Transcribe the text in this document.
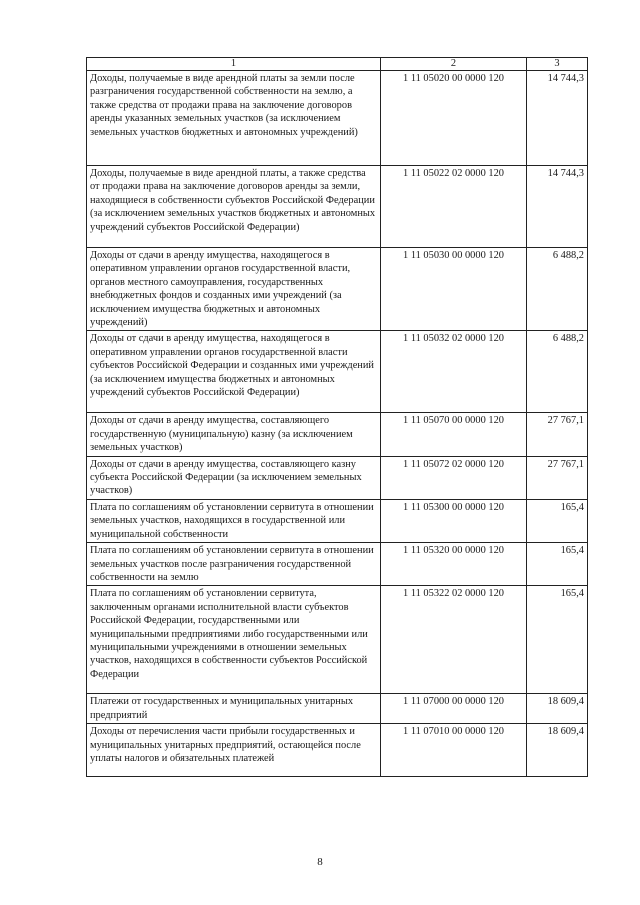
1	2	3
Доходы, получаемые в виде арендной платы за земли после разграничения государственной собственности на землю, а также средства от продажи права на заключение договоров аренды указанных земельных участков (за исключением земельных участков бюджетных и автономных учреждений)	1 11 05020 00 0000 120	14 744,3
Доходы, получаемые в виде арендной платы, а также средства от продажи права на заключение договоров аренды за земли, находящиеся в собственности субъектов Российской Федерации (за исключением земельных участков бюджетных и автономных учреждений субъектов Российской Федерации)	1 11 05022 02 0000 120	14 744,3
Доходы от сдачи в аренду имущества, находящегося в оперативном управлении органов государственной власти, органов местного самоуправления, государственных внебюджетных фондов и созданных ими учреждений (за исключением имущества бюджетных и автономных учреждений)	1 11 05030 00 0000 120	6 488,2
Доходы от сдачи в аренду имущества, находящегося в оперативном управлении органов государственной власти субъектов Российской Федерации и созданных ими учреждений (за исключением имущества бюджетных и автономных учреждений субъектов Российской Федерации)	1 11 05032 02 0000 120	6 488,2
Доходы от сдачи в аренду имущества, составляющего государственную (муниципальную) казну (за исключением земельных участков)	1 11 05070 00 0000 120	27 767,1
Доходы от сдачи в аренду имущества, составляющего казну субъекта Российской Федерации (за исключением земельных участков)	1 11 05072 02 0000 120	27 767,1
Плата по соглашениям об установлении сервитута в отношении земельных участков, находящихся в государственной или муниципальной собственности	1 11 05300 00 0000 120	165,4
Плата по соглашениям об установлении сервитута в отношении земельных участков после разграничения государственной собственности на землю	1 11 05320 00 0000 120	165,4
Плата по соглашениям об установлении сервитута, заключенным органами исполнительной власти субъектов Российской Федерации, государственными или муниципальными предприятиями либо государственными или муниципальными учреждениями в отношении земельных участков, находящихся в собственности субъектов Российской Федерации	1 11 05322 02 0000 120	165,4
Платежи от государственных и муниципальных унитарных предприятий	1 11 07000 00 0000 120	18 609,4
Доходы от перечисления части прибыли государственных и муниципальных унитарных предприятий, остающейся после уплаты налогов и обязательных платежей	1 11 07010 00 0000 120	18 609,4
8
